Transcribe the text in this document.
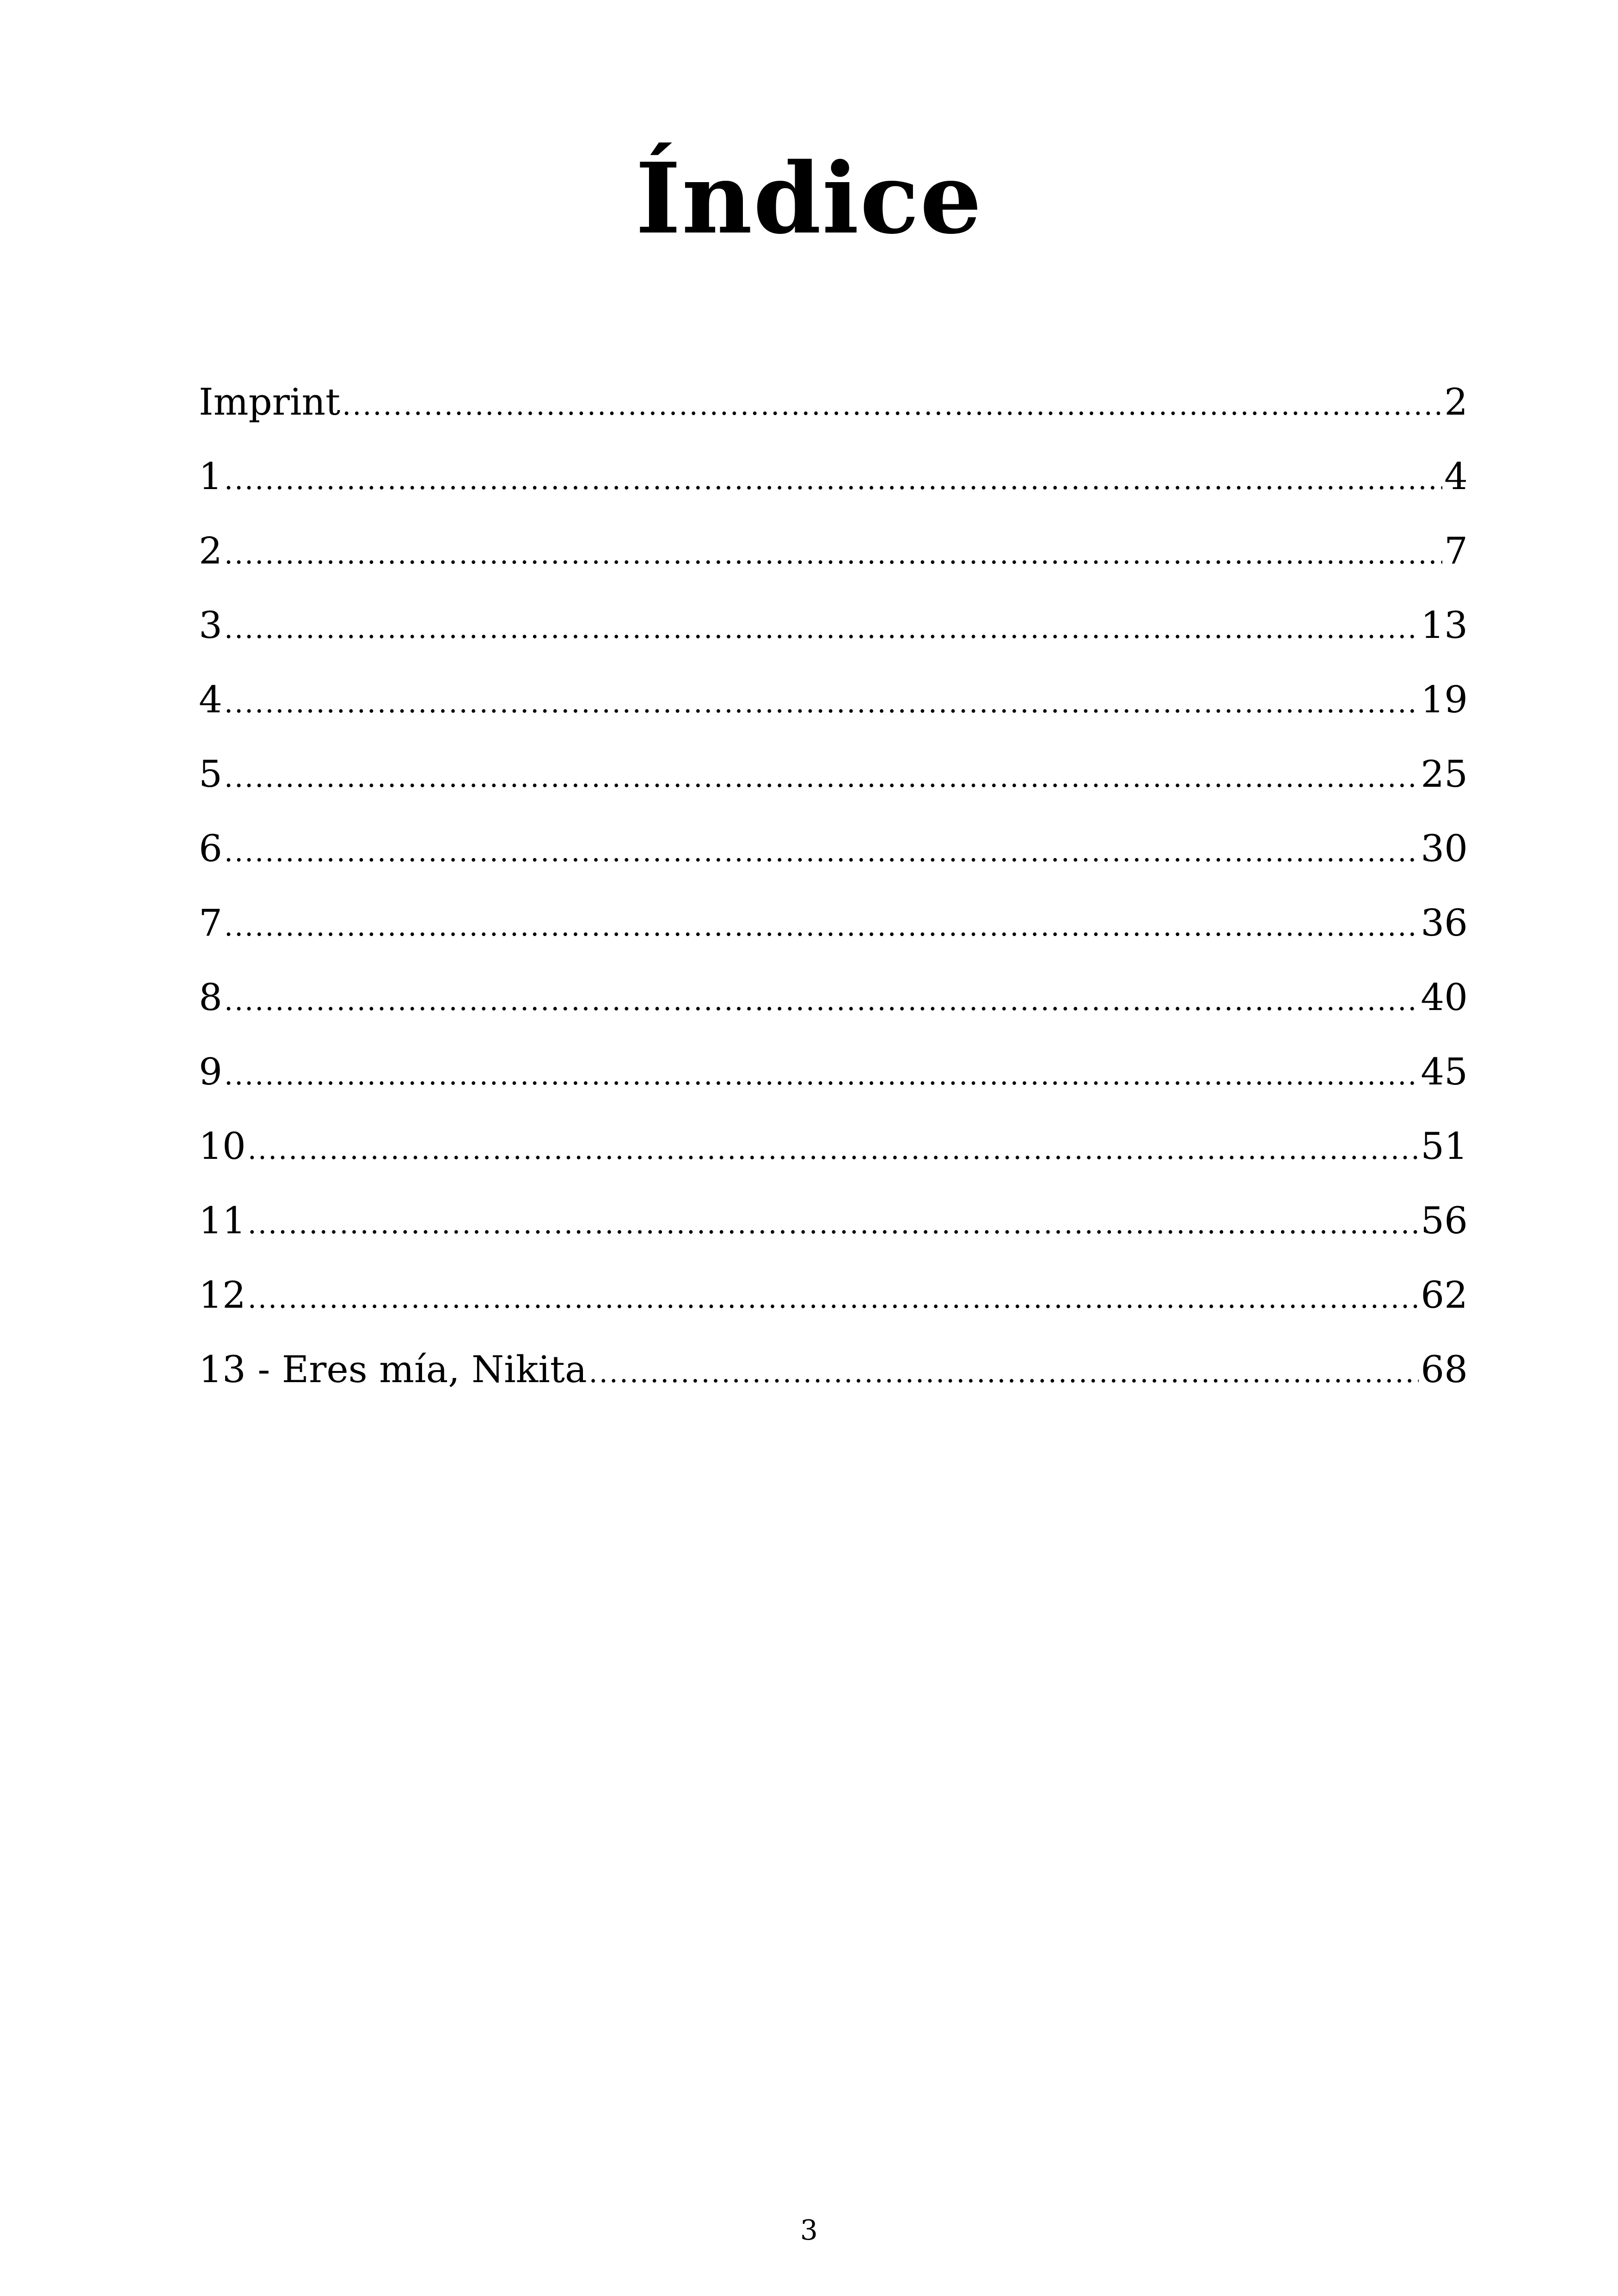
Índice
Imprint .....	2
1 .....	4
2 .....	7
3 .....	13
4 .....	19
5 .....	25
6 .....	30
7 .....	36
8 .....	40
9 .....	45
10 .....	51
11 .....	56
12 .....	62
13 - Eres mía, Nikita .....	68
3
